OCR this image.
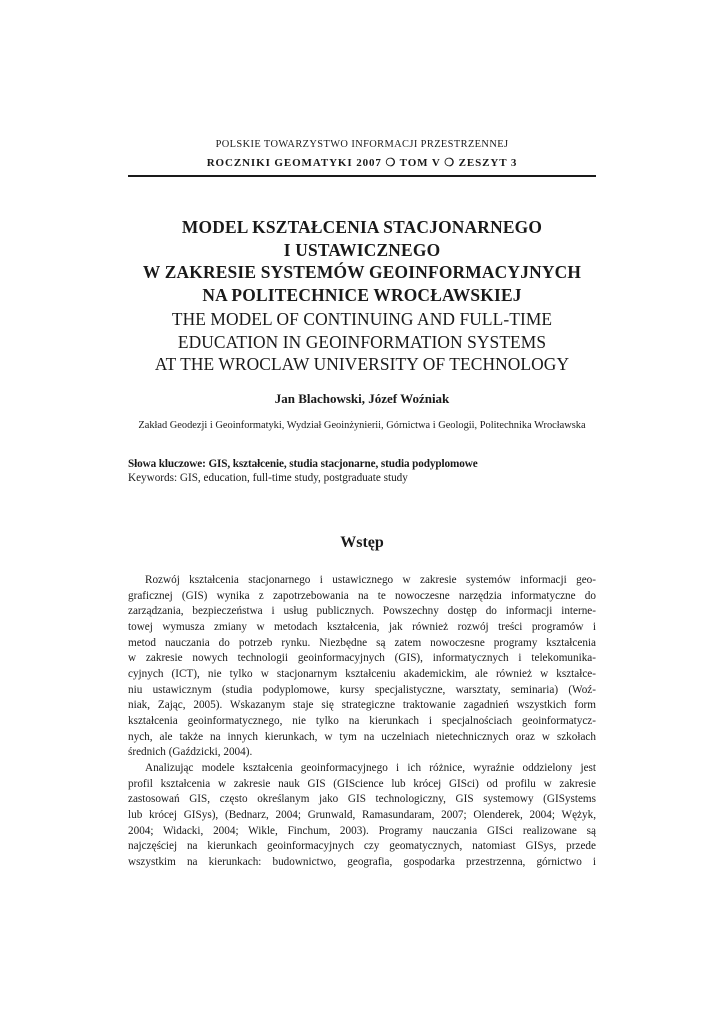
POLSKIE TOWARZYSTWO INFORMACJI PRZESTRZENNEJ
ROCZNIKI GEOMATYKI 2007 ❍ TOM V ❍ ZESZYT 3
MODEL KSZTAŁCENIA STACJONARNEGO
I USTAWICZNEGO
W ZAKRESIE SYSTEMÓW GEOINFORMACYJNYCH
NA POLITECHNICE WROCŁAWSKIEJ
THE MODEL OF CONTINUING AND FULL-TIME
EDUCATION IN GEOINFORMATION SYSTEMS
AT THE WROCLAW UNIVERSITY OF TECHNOLOGY
Jan Blachowski, Józef Woźniak
Zakład Geodezji i Geoinformatyki, Wydział Geoinżynierii, Górnictwa i Geologii, Politechnika Wrocławska
Słowa kluczowe: GIS, kształcenie, studia stacjonarne, studia podyplomowe
Keywords: GIS, education, full-time study, postgraduate study
Wstęp
Rozwój kształcenia stacjonarnego i ustawicznego w zakresie systemów informacji geo-
graficznej (GIS) wynika z zapotrzebowania na te nowoczesne narzędzia informatyczne do
zarządzania, bezpieczeństwa i usług publicznych. Powszechny dostęp do informacji interne-
towej wymusza zmiany w metodach kształcenia, jak również rozwój treści programów i
metod nauczania do potrzeb rynku. Niezbędne są zatem nowoczesne programy kształcenia
w zakresie nowych technologii geoinformacyjnych (GIS), informatycznych i telekomunika-
cyjnych (ICT), nie tylko w stacjonarnym kształceniu akademickim, ale również w kształce-
niu ustawicznym (studia podyplomowe, kursy specjalistyczne, warsztaty, seminaria) (Woź-
niak, Zając, 2005). Wskazanym staje się strategiczne traktowanie zagadnień wszystkich form
kształcenia geoinformatycznego, nie tylko na kierunkach i specjalnościach geoinformatycz-
nych, ale także na innych kierunkach, w tym na uczelniach nietechnicznych oraz w szkołach
średnich (Gaździcki, 2004).
Analizując modele kształcenia geoinformacyjnego i ich różnice, wyraźnie oddzielony jest
profil kształcenia w zakresie nauk GIS (GIScience lub krócej GISci) od profilu w zakresie
zastosowań GIS, często określanym jako GIS technologiczny, GIS systemowy (GISystems
lub krócej GISys), (Bednarz, 2004; Grunwald, Ramasundaram, 2007; Olenderek, 2004; Wężyk,
2004; Widacki, 2004; Wikle, Finchum, 2003). Programy nauczania GISci realizowane są
najczęściej na kierunkach geoinformacyjnych czy geomatycznych, natomiast GISys, przede
wszystkim na kierunkach: budownictwo, geografia, gospodarka przestrzenna, górnictwo i
